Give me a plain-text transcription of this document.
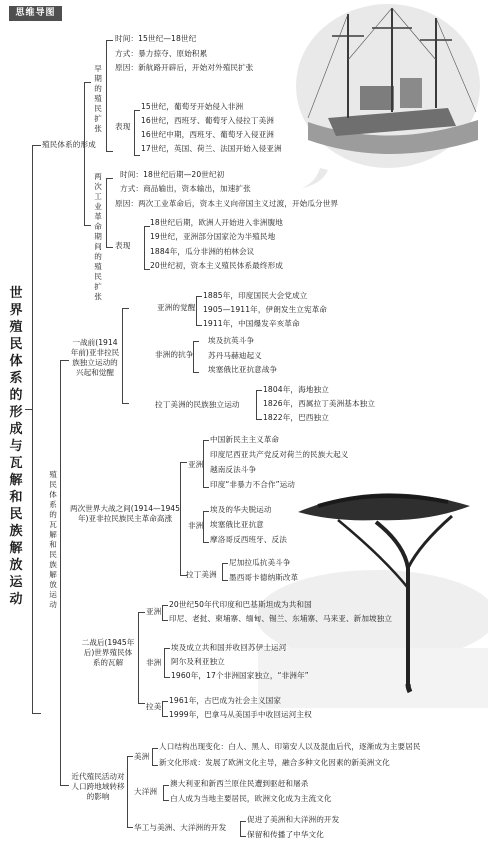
思维导图
世界殖民体系的形成与瓦解和民族解放运动
殖民体系的形成
早期的殖民扩张
时间：15世纪—18世纪
方式：暴力掠夺、原始积累
原因：新航路开辟后，开始对外殖民扩张
表现
15世纪，葡萄牙开始侵入非洲
16世纪，西班牙、葡萄牙入侵拉丁美洲
16世纪中期，西班牙、葡萄牙入侵亚洲
17世纪，英国、荷兰、法国开始入侵亚洲
两次工业革命期间的殖民扩张
时间：18世纪后期—20世纪初
方式：商品输出，资本输出，加速扩张
原因：两次工业革命后，资本主义向帝国主义过渡，开始瓜分世界
表现
18世纪后期，欧洲人开始进入非洲腹地
19世纪，亚洲部分国家沦为半殖民地
1884年，瓜分非洲的柏林会议
20世纪初，资本主义殖民体系最终形成
殖民体系的瓦解和民族解放运动
一战前(1914年前)亚非拉民族独立运动的兴起和觉醒
亚洲的觉醒
1885年，印度国民大会党成立
1905—1911年，伊朗发生立宪革命
1911年，中国爆发辛亥革命
非洲的抗争
埃及抗英斗争
苏丹马赫迪起义
埃塞俄比亚抗意战争
拉丁美洲的民族独立运动
1804年，海地独立
1826年，西属拉丁美洲基本独立
1822年，巴西独立
两次世界大战之间(1914—1945年)亚非拉民族民主革命高涨
亚洲
中国新民主主义革命
印度尼西亚共产党反对荷兰的民族大起义
越南反法斗争
印度“非暴力不合作”运动
非洲
埃及的华夫脱运动
埃塞俄比亚抗意
摩洛哥反西班牙、反法
拉丁美洲
尼加拉瓜抗美斗争
墨西哥卡德纳斯改革
二战后(1945年后)世界殖民体系的瓦解
亚洲
20世纪50年代印度和巴基斯坦成为共和国
印尼、老挝、柬埔寨、缅甸、锡兰、东埔寨、马来亚、新加坡独立
非洲
埃及成立共和国并收回苏伊士运河
阿尔及利亚独立
1960年，17个非洲国家独立，“非洲年”
拉美
1961年，古巴成为社会主义国家
1999年，巴拿马从美国手中收回运河主权
近代殖民活动对人口跨地域转移的影响
美洲
人口结构出现变化：白人、黑人、印第安人以及混血后代，逐渐成为主要居民
新文化形成：发展了欧洲文化主导，融合多种文化因素的新美洲文化
大洋洲
澳大利亚和新西兰原住民遭到驱赶和屠杀
白人成为当地主要居民，欧洲文化成为主流文化
华工与美洲、大洋洲的开发
促进了美洲和大洋洲的开发
保留和传播了中华文化
